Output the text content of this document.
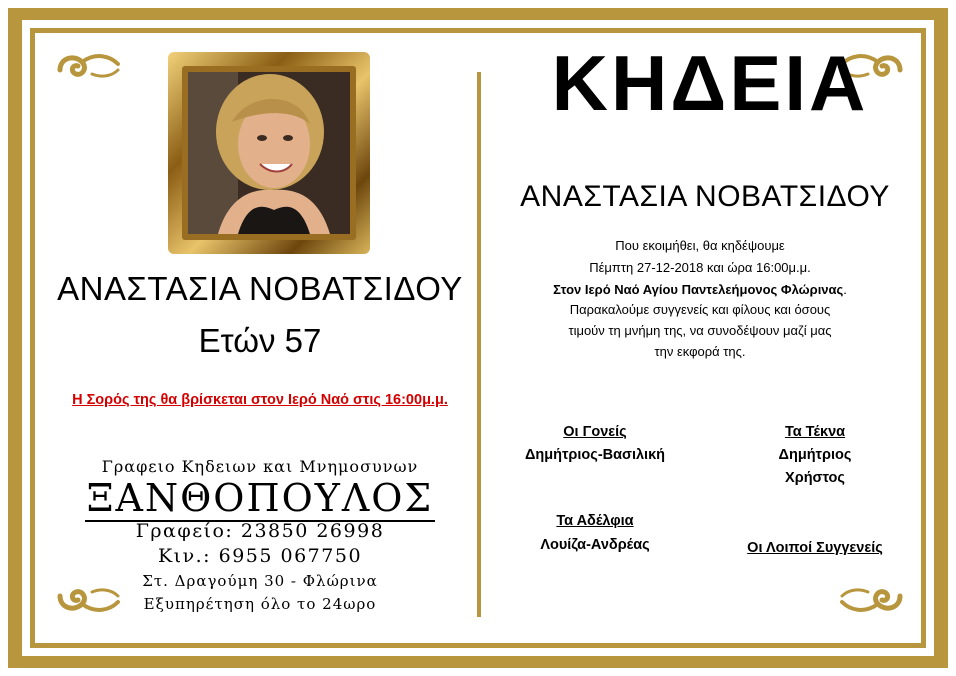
ΑΝΑΣΤΑΣΙΑ ΝΟΒΑΤΣΙΔΟΥ
Ετών 57
Η Σορός της θα βρίσκεται στον Ιερό Ναό στις 16:00μ.μ.
Γραφειο Κηδειων και Μνημοσυνων
ΞΑΝΘΟΠΟΥΛΟΣ
Γραφείο: 23850 26998
Κιν.: 6955 067750
Στ. Δραγούμη 30 - Φλώρινα
Εξυπηρέτηση όλο το 24ωρο
ΚΗΔΕΙΑ
ΑΝΑΣΤΑΣΙΑ ΝΟΒΑΤΣΙΔΟΥ
Που εκοιμήθει, θα κηδέψουμε
Πέμπτη 27-12-2018 και ώρα 16:00μ.μ.
Στον Ιερό Ναό Αγίου Παντελεήμονος Φλώρινας.
Παρακαλούμε συγγενείς και φίλους και όσους
τιμούν τη μνήμη της, να συνοδέψουν μαζί μας
την εκφορά της.
Οι Γονείς
Δημήτριος-Βασιλική
Τα Τέκνα
Δημήτριος
Χρήστος
Τα Αδέλφια
Λουίζα-Ανδρέας	Οι Λοιποί Συγγενείς
